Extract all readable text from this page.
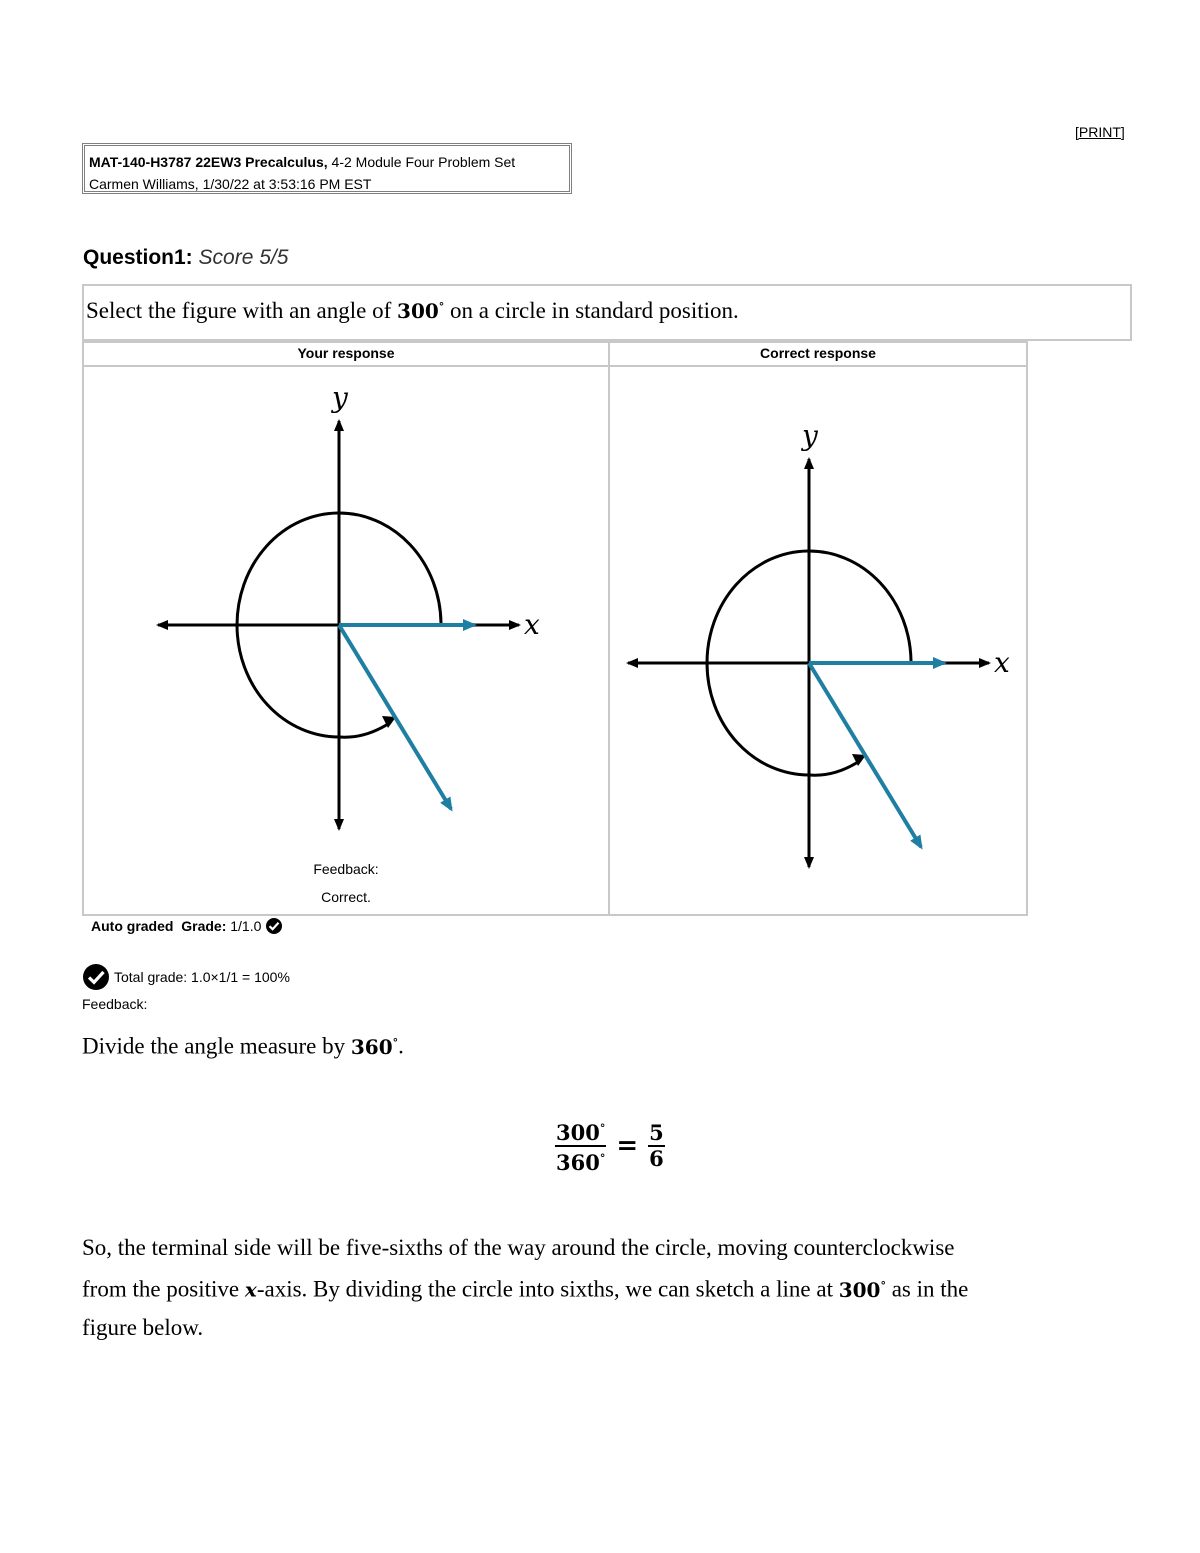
[PRINT]
MAT-140-H3787 22EW3 Precalculus, 4-2 Module Four Problem Set
Carmen Williams, 1/30/22 at 3:53:16 PM EST
Question1: Score 5/5
Select the figure with an angle of 300° on a circle in standard position.
Your response	Correct response
x
y
Feedback:
Correct.
x
y
Auto graded Grade: 1/1.0
Total grade: 1.0×1/1 = 100%
Feedback:
Divide the angle measure by 360°.
$\frac{300^\circ}{360^\circ} = \frac{5}{6}$
So, the terminal side will be five-sixths of the way around the circle, moving counterclockwise
from the positive x-axis. By dividing the circle into sixths, we can sketch a line at 300° as in the
figure below.
